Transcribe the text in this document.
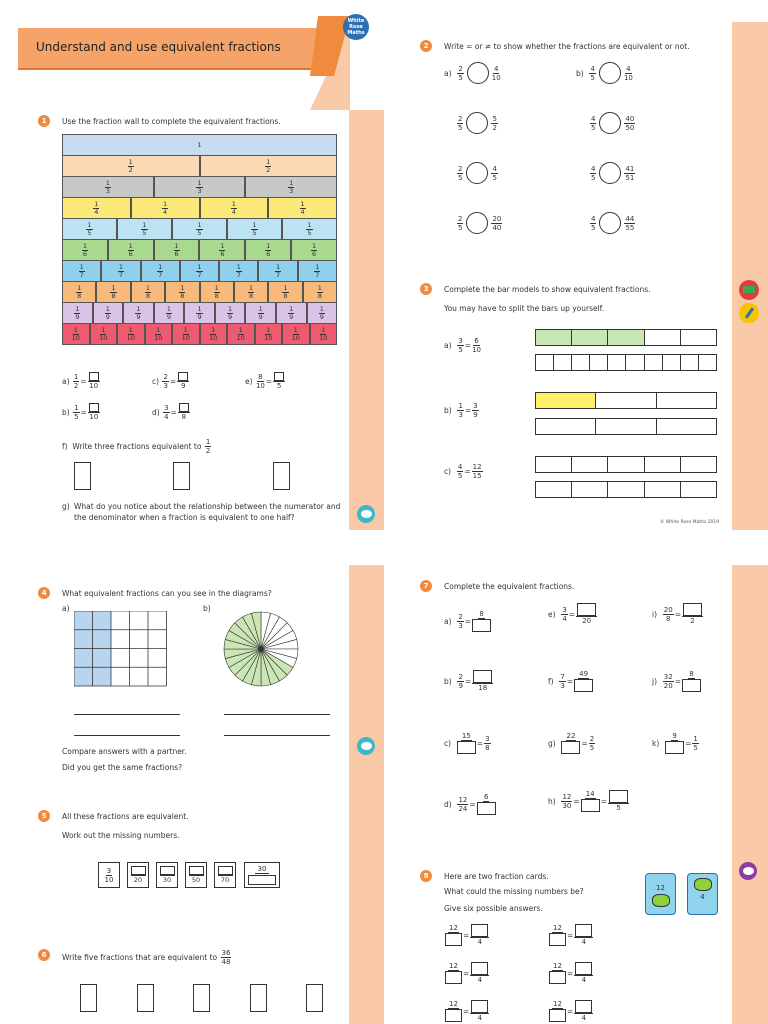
Understand and use equivalent fractions
White
Rose
Maths
1	Use the fraction wall to complete the equivalent fractions.
1
$\frac{1}{2}$	$\frac{1}{2}$
$\frac{1}{3}$	$\frac{1}{3}$	$\frac{1}{3}$
$\frac{1}{4}$	$\frac{1}{4}$	$\frac{1}{4}$	$\frac{1}{4}$
$\frac{1}{5}$	$\frac{1}{5}$	$\frac{1}{5}$	$\frac{1}{5}$	$\frac{1}{5}$
$\frac{1}{6}$	$\frac{1}{6}$	$\frac{1}{6}$	$\frac{1}{6}$	$\frac{1}{6}$	$\frac{1}{6}$
$\frac{1}{7}$	$\frac{1}{7}$	$\frac{1}{7}$	$\frac{1}{7}$	$\frac{1}{7}$	$\frac{1}{7}$	$\frac{1}{7}$
$\frac{1}{8}$	$\frac{1}{8}$	$\frac{1}{8}$	$\frac{1}{8}$	$\frac{1}{8}$	$\frac{1}{8}$	$\frac{1}{8}$	$\frac{1}{8}$
$\frac{1}{9}$	$\frac{1}{9}$	$\frac{1}{9}$	$\frac{1}{9}$	$\frac{1}{9}$	$\frac{1}{9}$	$\frac{1}{9}$	$\frac{1}{9}$	$\frac{1}{9}$
$\frac{1}{10}$	$\frac{1}{10}$	$\frac{1}{10}$	$\frac{1}{10}$	$\frac{1}{10}$	$\frac{1}{10}$	$\frac{1}{10}$	$\frac{1}{10}$	$\frac{1}{10}$	$\frac{1}{10}$
a)
$\frac{1}{2}$ =
10
b)
$\frac{1}{5}$ =
10
c)
$\frac{2}{3}$ =
9
d)
$\frac{3}{4}$ =
8
e)
$\frac{8}{10}$ =
5
f)
Write three fractions equivalent to
$\frac{1}{2}$
g) What do you notice about the relationship between the numerator and
the denominator when a fraction is equivalent to one half?
2	Write = or ≠ to show whether the fractions are equivalent or not.
a)
$\frac{2}{5}$	$\frac{4}{10}$
$\frac{2}{5}$	$\frac{5}{2}$
$\frac{2}{5}$	$\frac{4}{5}$
$\frac{2}{5}$	$\frac{20}{40}$
b)
$\frac{4}{5}$	$\frac{4}{10}$
$\frac{4}{5}$	$\frac{40}{50}$
$\frac{4}{5}$	$\frac{41}{51}$
$\frac{4}{5}$	$\frac{44}{55}$
3	Complete the bar models to show equivalent fractions.
You may have to split the bars up yourself.
a)
$\frac{3}{5} = \frac{6}{10}$
b)
$\frac{1}{3} = \frac{3}{9}$
c)
$\frac{4}{5} = \frac{12}{15}$
© White Rose Maths 2019
4	What equivalent fractions can you see in the diagrams?
a)	b)
Compare answers with a partner.
Did you get the same fractions?
5	All these fractions are equivalent.
Work out the missing numbers.
$\frac{3}{10}$	20	30	50	70
30
6	Write five fractions that are equivalent to
$\frac{36}{48}$
7	Complete the equivalent fractions.
a)
$\frac{2}{3}$ =
8
b)
$\frac{2}{9}$ =
18
c)

15
= $\frac{3}{8}$
d)
$\frac{12}{24}$ =
6
e)
$\frac{3}{4}$ =
20
f)
$\frac{7}{3}$ =
49
g)

22
= $\frac{2}{5}$
h)
$\frac{12}{30}$ =
14
=
5
i)
$\frac{20}{8}$ =
2
j)
$\frac{32}{20}$ =
8
k)

9
= $\frac{1}{5}$
8	Here are two fraction cards.
What could the missing numbers be?
Give six possible answers.
12
4
12
=
4
12
=
4
12
=
4
12
=
4
12
=
4
12
=
4
